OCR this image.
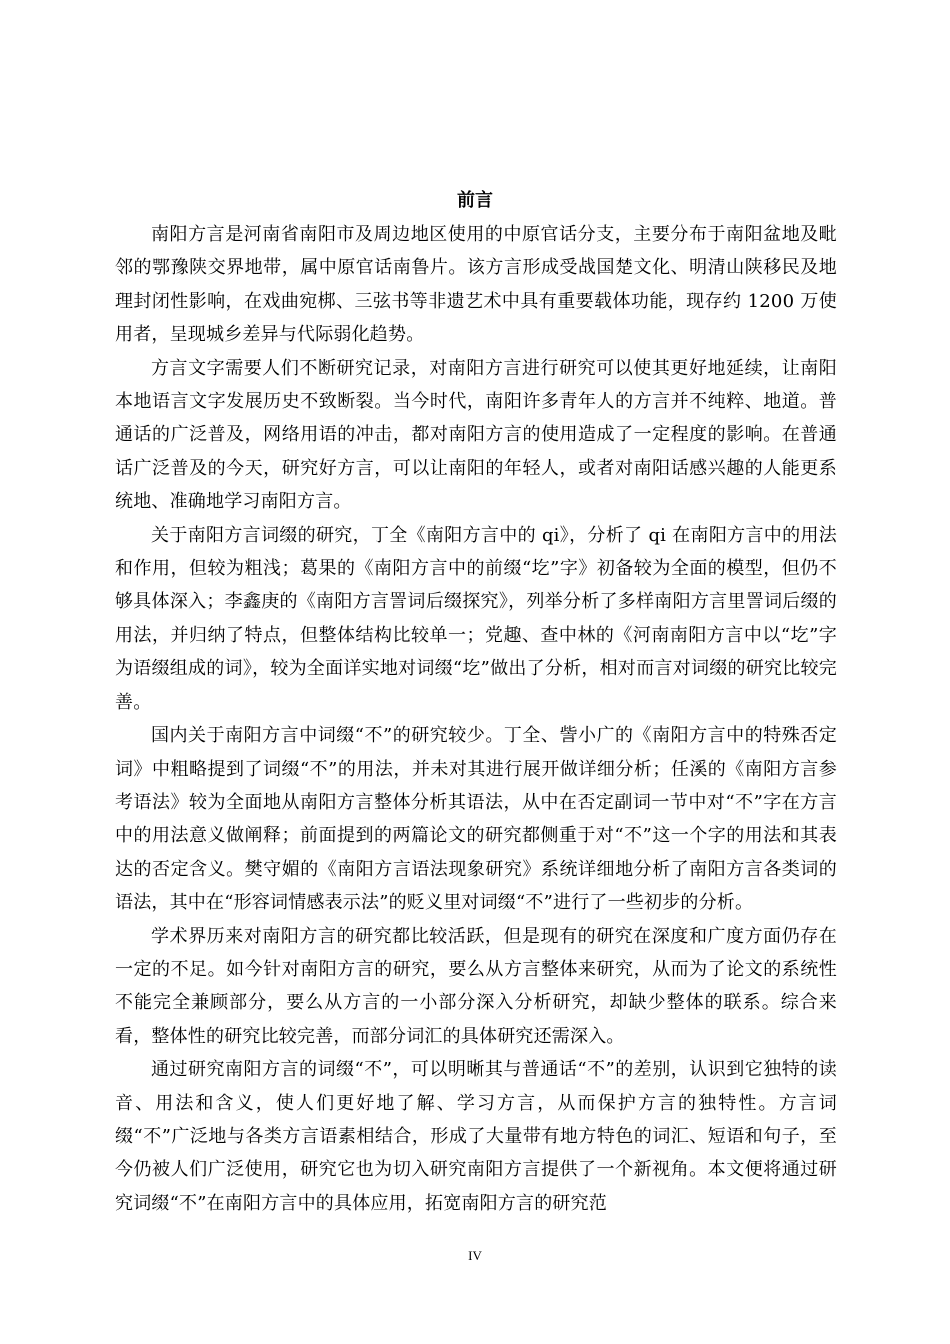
前言

南阳方言是河南省南阳市及周边地区使用的中原官话分支，主要分布于南阳盆地及毗邻的鄂豫陕交界地带，属中原官话南鲁片。该方言形成受战国楚文化、明清山陕移民及地理封闭性影响，在戏曲宛梆、三弦书等非遗艺术中具有重要载体功能，现存约 1200 万使用者，呈现城乡差异与代际弱化趋势。

方言文字需要人们不断研究记录，对南阳方言进行研究可以使其更好地延续，让南阳本地语言文字发展历史不致断裂。当今时代，南阳许多青年人的方言并不纯粹、地道。普通话的广泛普及，网络用语的冲击，都对南阳方言的使用造成了一定程度的影响。在普通话广泛普及的今天，研究好方言，可以让南阳的年轻人，或者对南阳话感兴趣的人能更系统地、准确地学习南阳方言。

关于南阳方言词缀的研究，丁全《南阳方言中的 qi》，分析了 qi 在南阳方言中的用法和作用，但较为粗浅；葛果的《南阳方言中的前缀“圪”字》初备较为全面的模型，但仍不够具体深入；李鑫庚的《南阳方言詈词后缀探究》，列举分析了多样南阳方言里詈词后缀的用法，并归纳了特点，但整体结构比较单一；党趣、查中林的《河南南阳方言中以“圪”字为语缀组成的词》，较为全面详实地对词缀“圪”做出了分析，相对而言对词缀的研究比较完善。

国内关于南阳方言中词缀“不”的研究较少。丁全、訾小广的《南阳方言中的特殊否定词》中粗略提到了词缀“不”的用法，并未对其进行展开做详细分析；任溪的《南阳方言参考语法》较为全面地从南阳方言整体分析其语法，从中在否定副词一节中对“不”字在方言中的用法意义做阐释；前面提到的两篇论文的研究都侧重于对“不”这一个字的用法和其表达的否定含义。樊守媚的《南阳方言语法现象研究》系统详细地分析了南阳方言各类词的语法，其中在“形容词情感表示法”的贬义里对词缀“不”进行了一些初步的分析。

学术界历来对南阳方言的研究都比较活跃，但是现有的研究在深度和广度方面仍存在一定的不足。如今针对南阳方言的研究，要么从方言整体来研究，从而为了论文的系统性不能完全兼顾部分，要么从方言的一小部分深入分析研究，却缺少整体的联系。综合来看，整体性的研究比较完善，而部分词汇的具体研究还需深入。

通过研究南阳方言的词缀“不”，可以明晰其与普通话“不”的差别，认识到它独特的读音、用法和含义，使人们更好地了解、学习方言，从而保护方言的独特性。方言词缀“不”广泛地与各类方言语素相结合，形成了大量带有地方特色的词汇、短语和句子，至今仍被人们广泛使用，研究它也为切入研究南阳方言提供了一个新视角。本文便将通过研究词缀“不”在南阳方言中的具体应用，拓宽南阳方言的研究范

IV
